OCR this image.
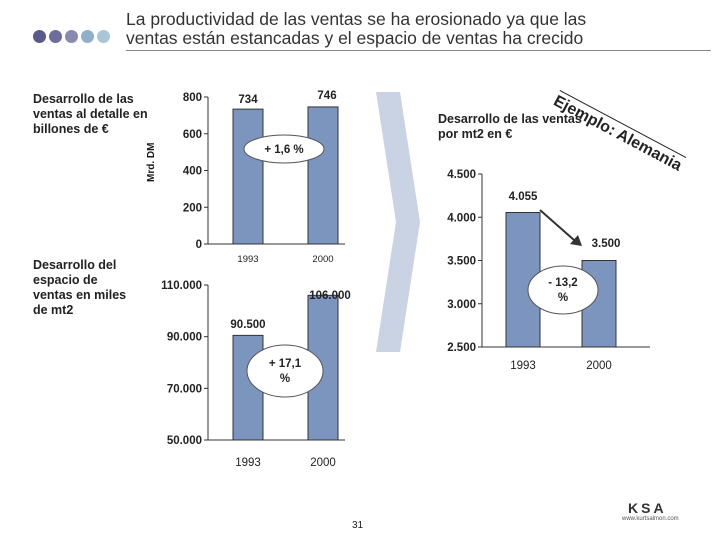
La productividad de las ventas se ha erosionado ya que las
ventas están estancadas y el espacio de ventas ha crecido
Ejemplo: Alemania
Desarrollo de las ventas al detalle en billones de €
Desarrollo del espacio de ventas en miles de mt2
Desarrollo de las ventas por mt2 en €
800
600
400
200
0
734
1993
746
2000
+ 1,6 %
110.000
90.000
70.000
50.000
90.500
1993
106.000
2000
+ 17,1
%
4.500
4.000
3.500
3.000
2.500
4.055
1993
3.500
2000
- 13,2
%
Mrd. DM
31
KSA
www.kurtsalmon.com
